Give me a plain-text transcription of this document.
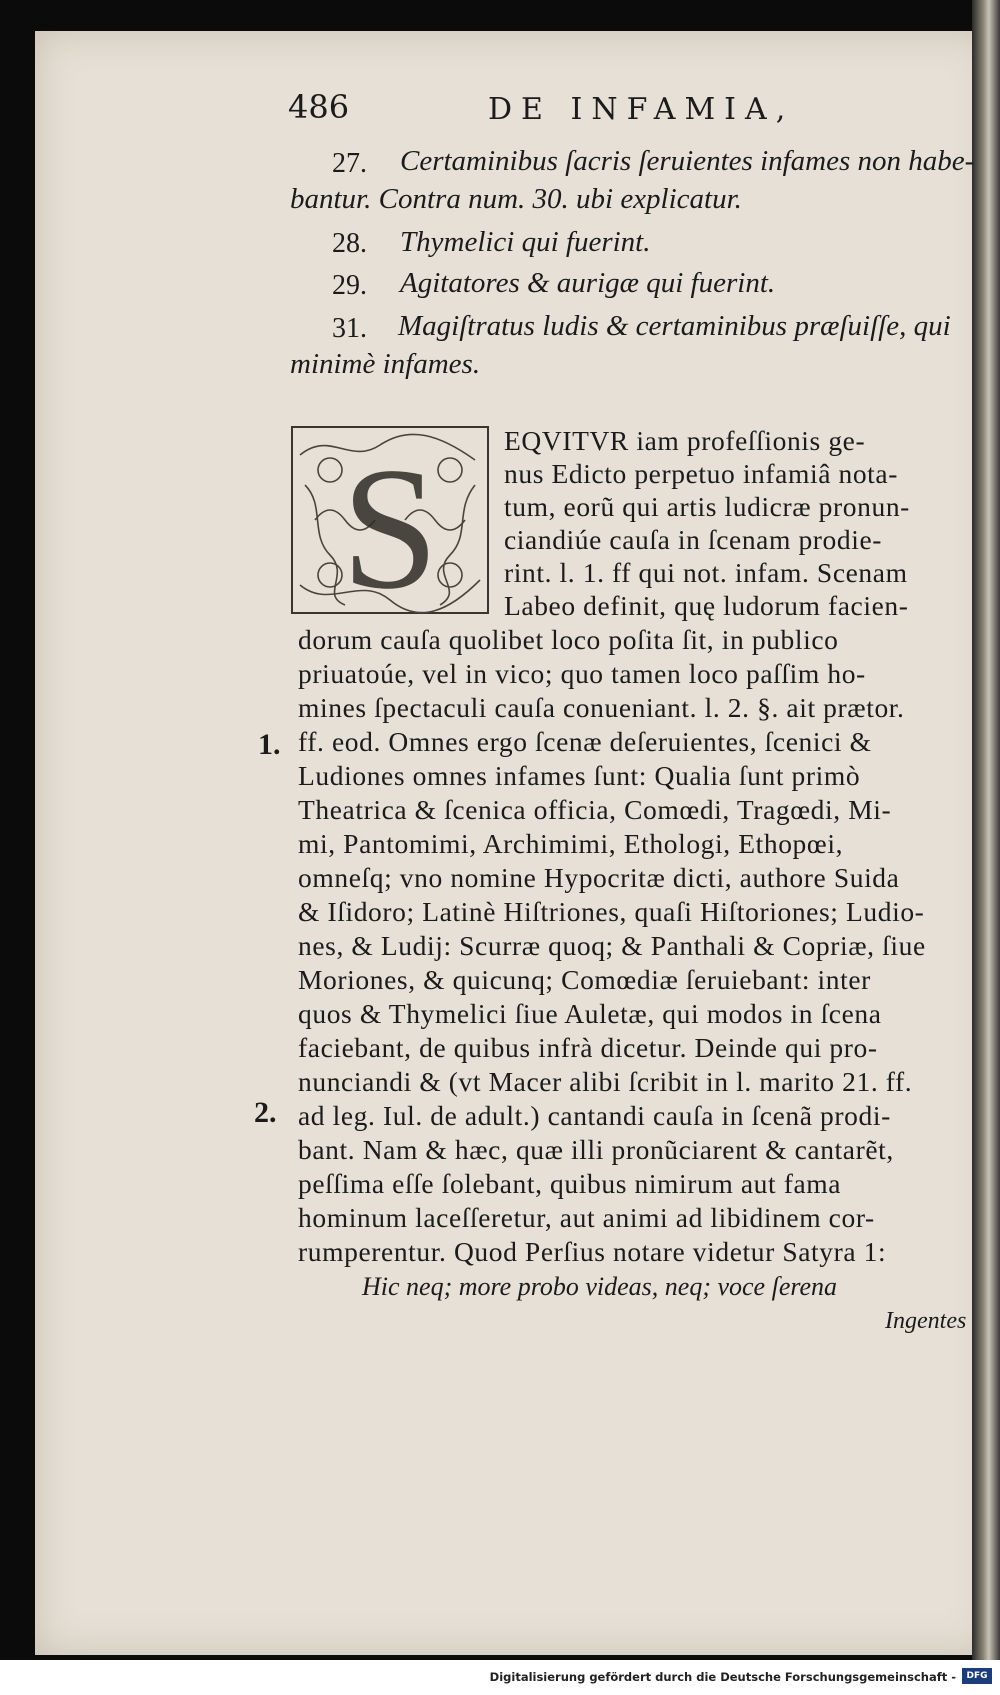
486	DE INFAMIA,
27. Certaminibus ſacris ſeruientes infames non habe-
bantur. Contra num. 30. ubi explicatur.
28. Thymelici qui fuerint.
29. Agitatores & aurigæ qui fuerint.
31. Magiſtratus ludis & certaminibus præſuiſſe, qui
minimè infames.
S EQVITVR iam profeſſionis ge-
nus Edicto perpetuo infamiâ nota-
tum, eorũ qui artis ludicræ pronun-
ciandiúe cauſa in ſcenam prodie-
rint. l. 1. ff qui not. infam. Scenam
Labeo definit, quę ludorum facien-
dorum cauſa quolibet loco poſita ſit, in publico
priuatoúe, vel in vico; quo tamen loco paſſim ho-
mines ſpectaculi cauſa conueniant. l. 2. §. ait prætor.
ff. eod. Omnes ergo ſcenæ deſeruientes, ſcenici &
Ludiones omnes infames ſunt: Qualia ſunt primò
Theatrica & ſcenica officia, Comœdi, Tragœdi, Mi-
mi, Pantomimi, Archimimi, Ethologi, Ethopœi,
omneſq; vno nomine Hypocritæ dicti, authore Suida
& Iſidoro; Latinè Hiſtriones, quaſi Hiſtoriones; Ludio-
nes, & Ludij: Scurræ quoq; & Panthali & Copriæ, ſiue
Moriones, & quicunq; Comœdiæ ſeruiebant: inter
quos & Thymelici ſiue Auletæ, qui modos in ſcena
faciebant, de quibus infrà dicetur. Deinde qui pro-
nunciandi & (vt Macer alibi ſcribit in l. marito 21. ff.
ad leg. Iul. de adult.) cantandi cauſa in ſcenã prodi-
bant. Nam & hæc, quæ illi pronũciarent & cantarẽt,
peſſima eſſe ſolebant, quibus nimirum aut fama
hominum laceſſeretur, aut animi ad libidinem cor-
rumperentur. Quod Perſius notare videtur Satyra 1:
Hic neq; more probo videas, neq; voce ſerena
Ingentes
1.
2.
Digitalisierung gefördert durch die Deutsche Forschungsgemeinschaft -	DFG
